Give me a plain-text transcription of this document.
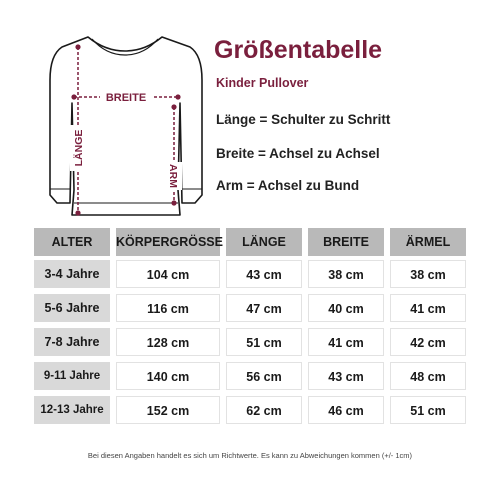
BREITE
LÄNGE
ARM
Größentabelle
Kinder Pullover
Länge = Schulter zu Schritt
Breite = Achsel zu Achsel
Arm = Achsel zu Bund
ALTER	KÖRPERGRÖSSE	LÄNGE	BREITE	ÄRMEL
3-4 Jahre	104 cm	43 cm	38 cm	38 cm
5-6 Jahre	116 cm	47 cm	40 cm	41 cm
7-8 Jahre	128 cm	51 cm	41 cm	42 cm
9-11 Jahre	140 cm	56 cm	43 cm	48 cm
12-13 Jahre	152 cm	62 cm	46 cm	51 cm
Bei diesen Angaben handelt es sich um Richtwerte. Es kann zu Abweichungen kommen (+/- 1cm)
